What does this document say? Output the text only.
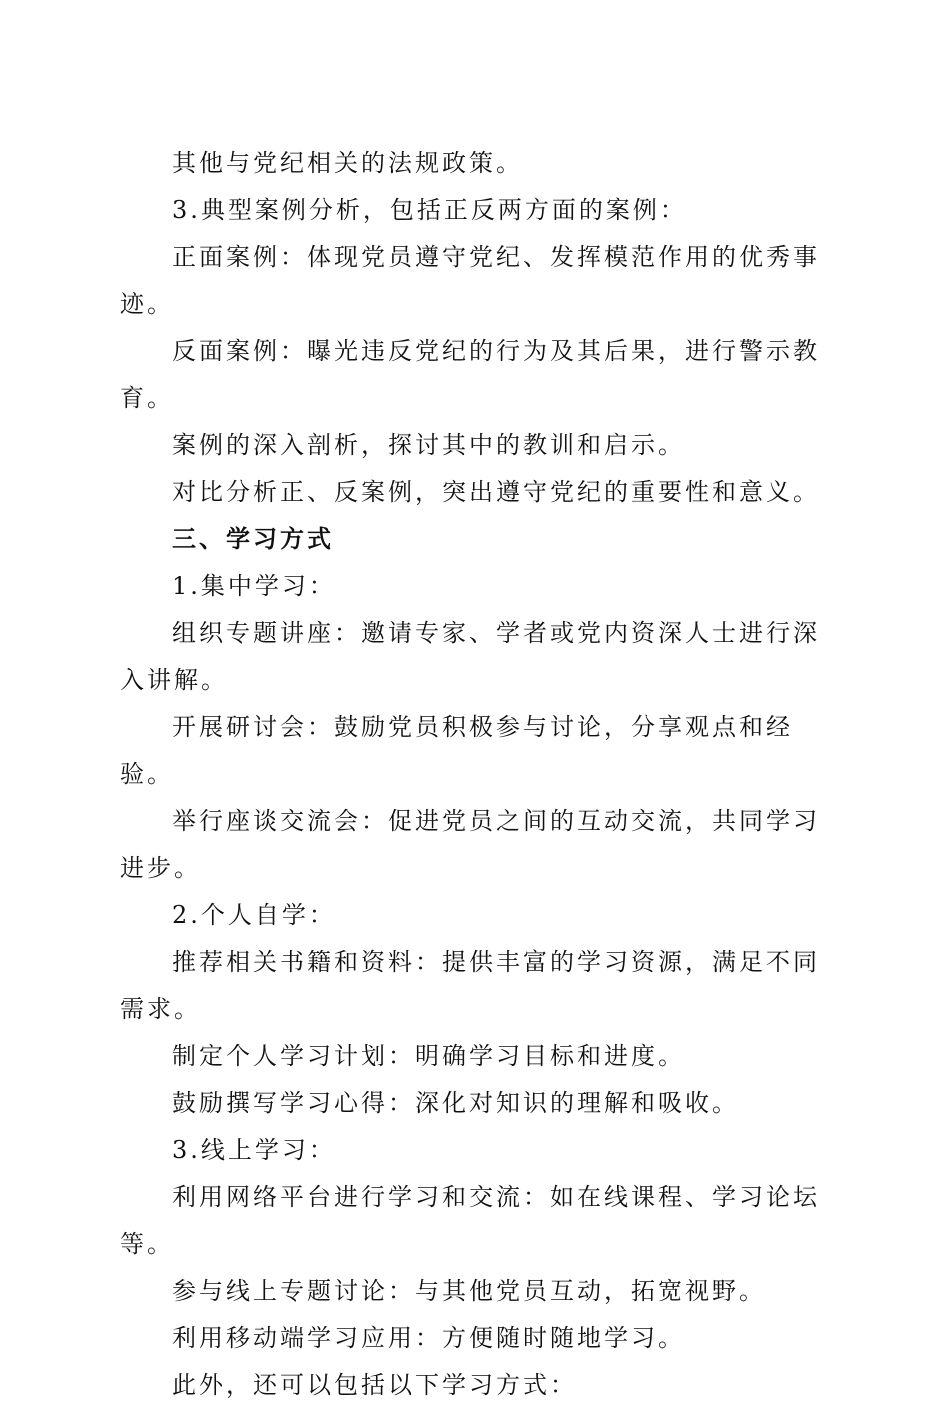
其他与党纪相关的法规政策。

3.典型案例分析，包括正反两方面的案例：

正面案例：体现党员遵守党纪、发挥模范作用的优秀事迹。

反面案例：曝光违反党纪的行为及其后果，进行警示教育。

案例的深入剖析，探讨其中的教训和启示。

对比分析正、反案例，突出遵守党纪的重要性和意义。

三、学习方式

1.集中学习：

组织专题讲座：邀请专家、学者或党内资深人士进行深入讲解。

开展研讨会：鼓励党员积极参与讨论，分享观点和经验。

举行座谈交流会：促进党员之间的互动交流，共同学习进步。

2.个人自学：

推荐相关书籍和资料：提供丰富的学习资源，满足不同需求。

制定个人学习计划：明确学习目标和进度。

鼓励撰写学习心得：深化对知识的理解和吸收。

3.线上学习：

利用网络平台进行学习和交流：如在线课程、学习论坛等。

参与线上专题讨论：与其他党员互动，拓宽视野。

利用移动端学习应用：方便随时随地学习。

此外，还可以包括以下学习方式：
